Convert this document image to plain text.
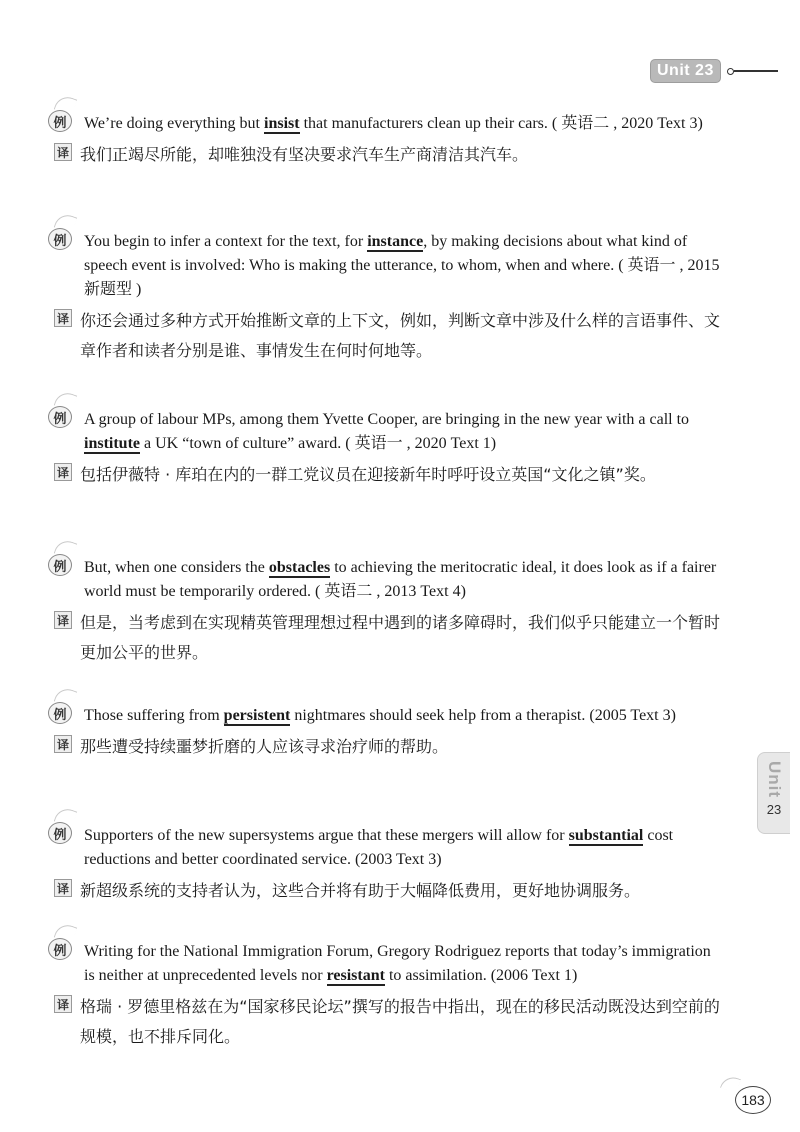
Unit 23
Unit
23
例	We’re doing everything but insist that manufacturers clean up their cars. ( 英语二 , 2020 Text 3)
译 我们正竭尽所能，却唯独没有坚决要求汽车生产商清洁其汽车。
例	You begin to infer a context for the text, for instance, by making decisions about what kind of speech event is involved: Who is making the utterance, to whom, when and where. ( 英语一 , 2015 新题型 )
译 你还会通过多种方式开始推断文章的上下文，例如，判断文章中涉及什么样的言语事件、文章作者和读者分别是谁、事情发生在何时何地等。
例	A group of labour MPs, among them Yvette Cooper, are bringing in the new year with a call to institute a UK “town of culture” award. ( 英语一 , 2020 Text 1)
译 包括伊薇特 · 库珀在内的一群工党议员在迎接新年时呼吁设立英国“文化之镇”奖。
例	But, when one considers the obstacles to achieving the meritocratic ideal, it does look as if a fairer world must be temporarily ordered. ( 英语二 , 2013 Text 4)
译 但是，当考虑到在实现精英管理理想过程中遇到的诸多障碍时，我们似乎只能建立一个暂时更加公平的世界。
例	Those suffering from persistent nightmares should seek help from a therapist. (2005 Text 3)
译 那些遭受持续噩梦折磨的人应该寻求治疗师的帮助。
例	Supporters of the new supersystems argue that these mergers will allow for substantial cost reductions and better coordinated service. (2003 Text 3)
译 新超级系统的支持者认为，这些合并将有助于大幅降低费用，更好地协调服务。
例	Writing for the National Immigration Forum, Gregory Rodriguez reports that today’s immigration is neither at unprecedented levels nor resistant to assimilation. (2006 Text 1)
译 格瑞 · 罗德里格兹在为“国家移民论坛”撰写的报告中指出，现在的移民活动既没达到空前的规模，也不排斥同化。
183
